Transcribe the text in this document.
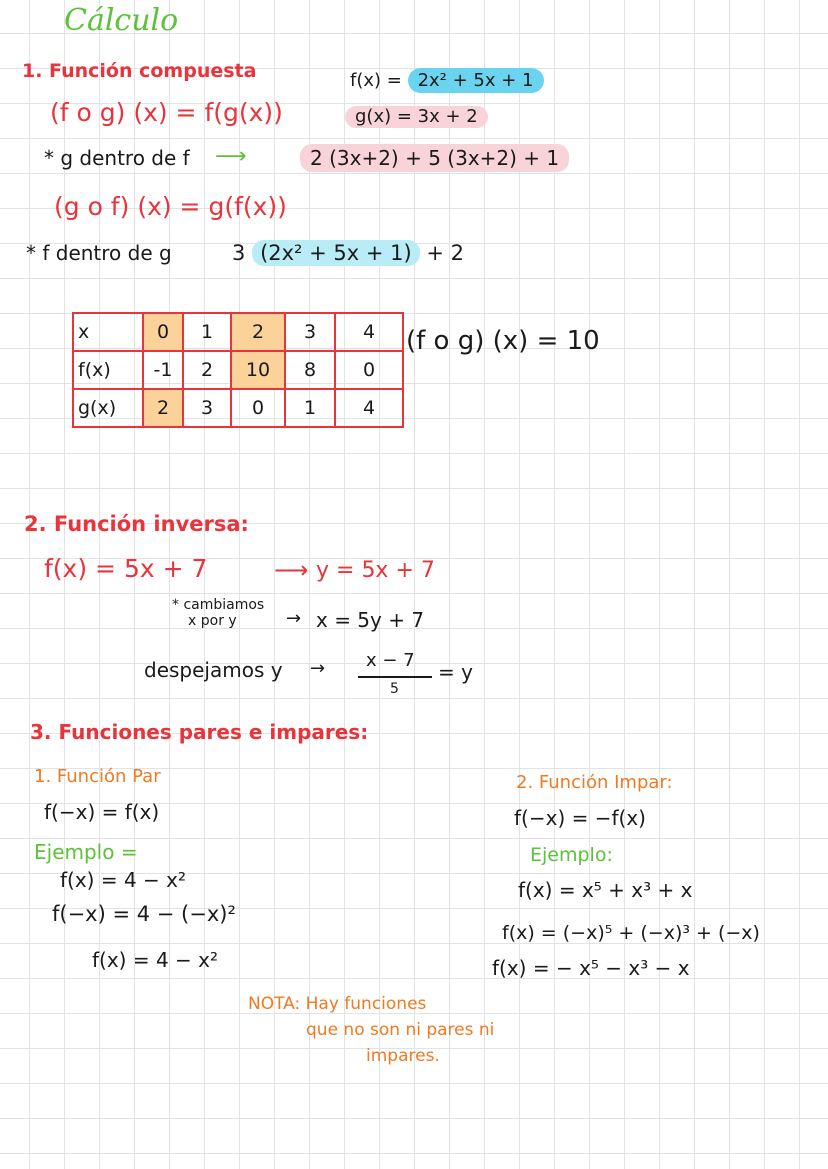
Cálculo
1. Función compuesta	f(x) = 2x² + 5x + 1
(f o g) (x) = f(g(x))	g(x) = 3x + 2
* g dentro de f ⟶	2 (3x+2) + 5 (3x+2) + 1
(g o f) (x) = g(f(x))
* f dentro de g	3 (2x² + 5x + 1) + 2
x	0	1	2	3	4
f(x)	-1	2	10	8	0
g(x)	2	3	0	1	4
(f o g) (x) = 10
2. Función inversa:
f(x) = 5x + 7	⟶ y = 5x + 7
* cambiamos
x por y	→ x = 5y + 7
despejamos y → x − 7
5
= y
3. Funciones pares e impares:
1. Función Par
f(−x) = f(x)
Ejemplo =
f(x) = 4 − x²
f(−x) = 4 − (−x)²
f(x) = 4 − x²
2. Función Impar:
f(−x) = −f(x)
Ejemplo:
f(x) = x⁵ + x³ + x
f(x) = (−x)⁵ + (−x)³ + (−x)
f(x) = − x⁵ − x³ − x
NOTA: Hay funciones
que no son ni pares ni
impares.
